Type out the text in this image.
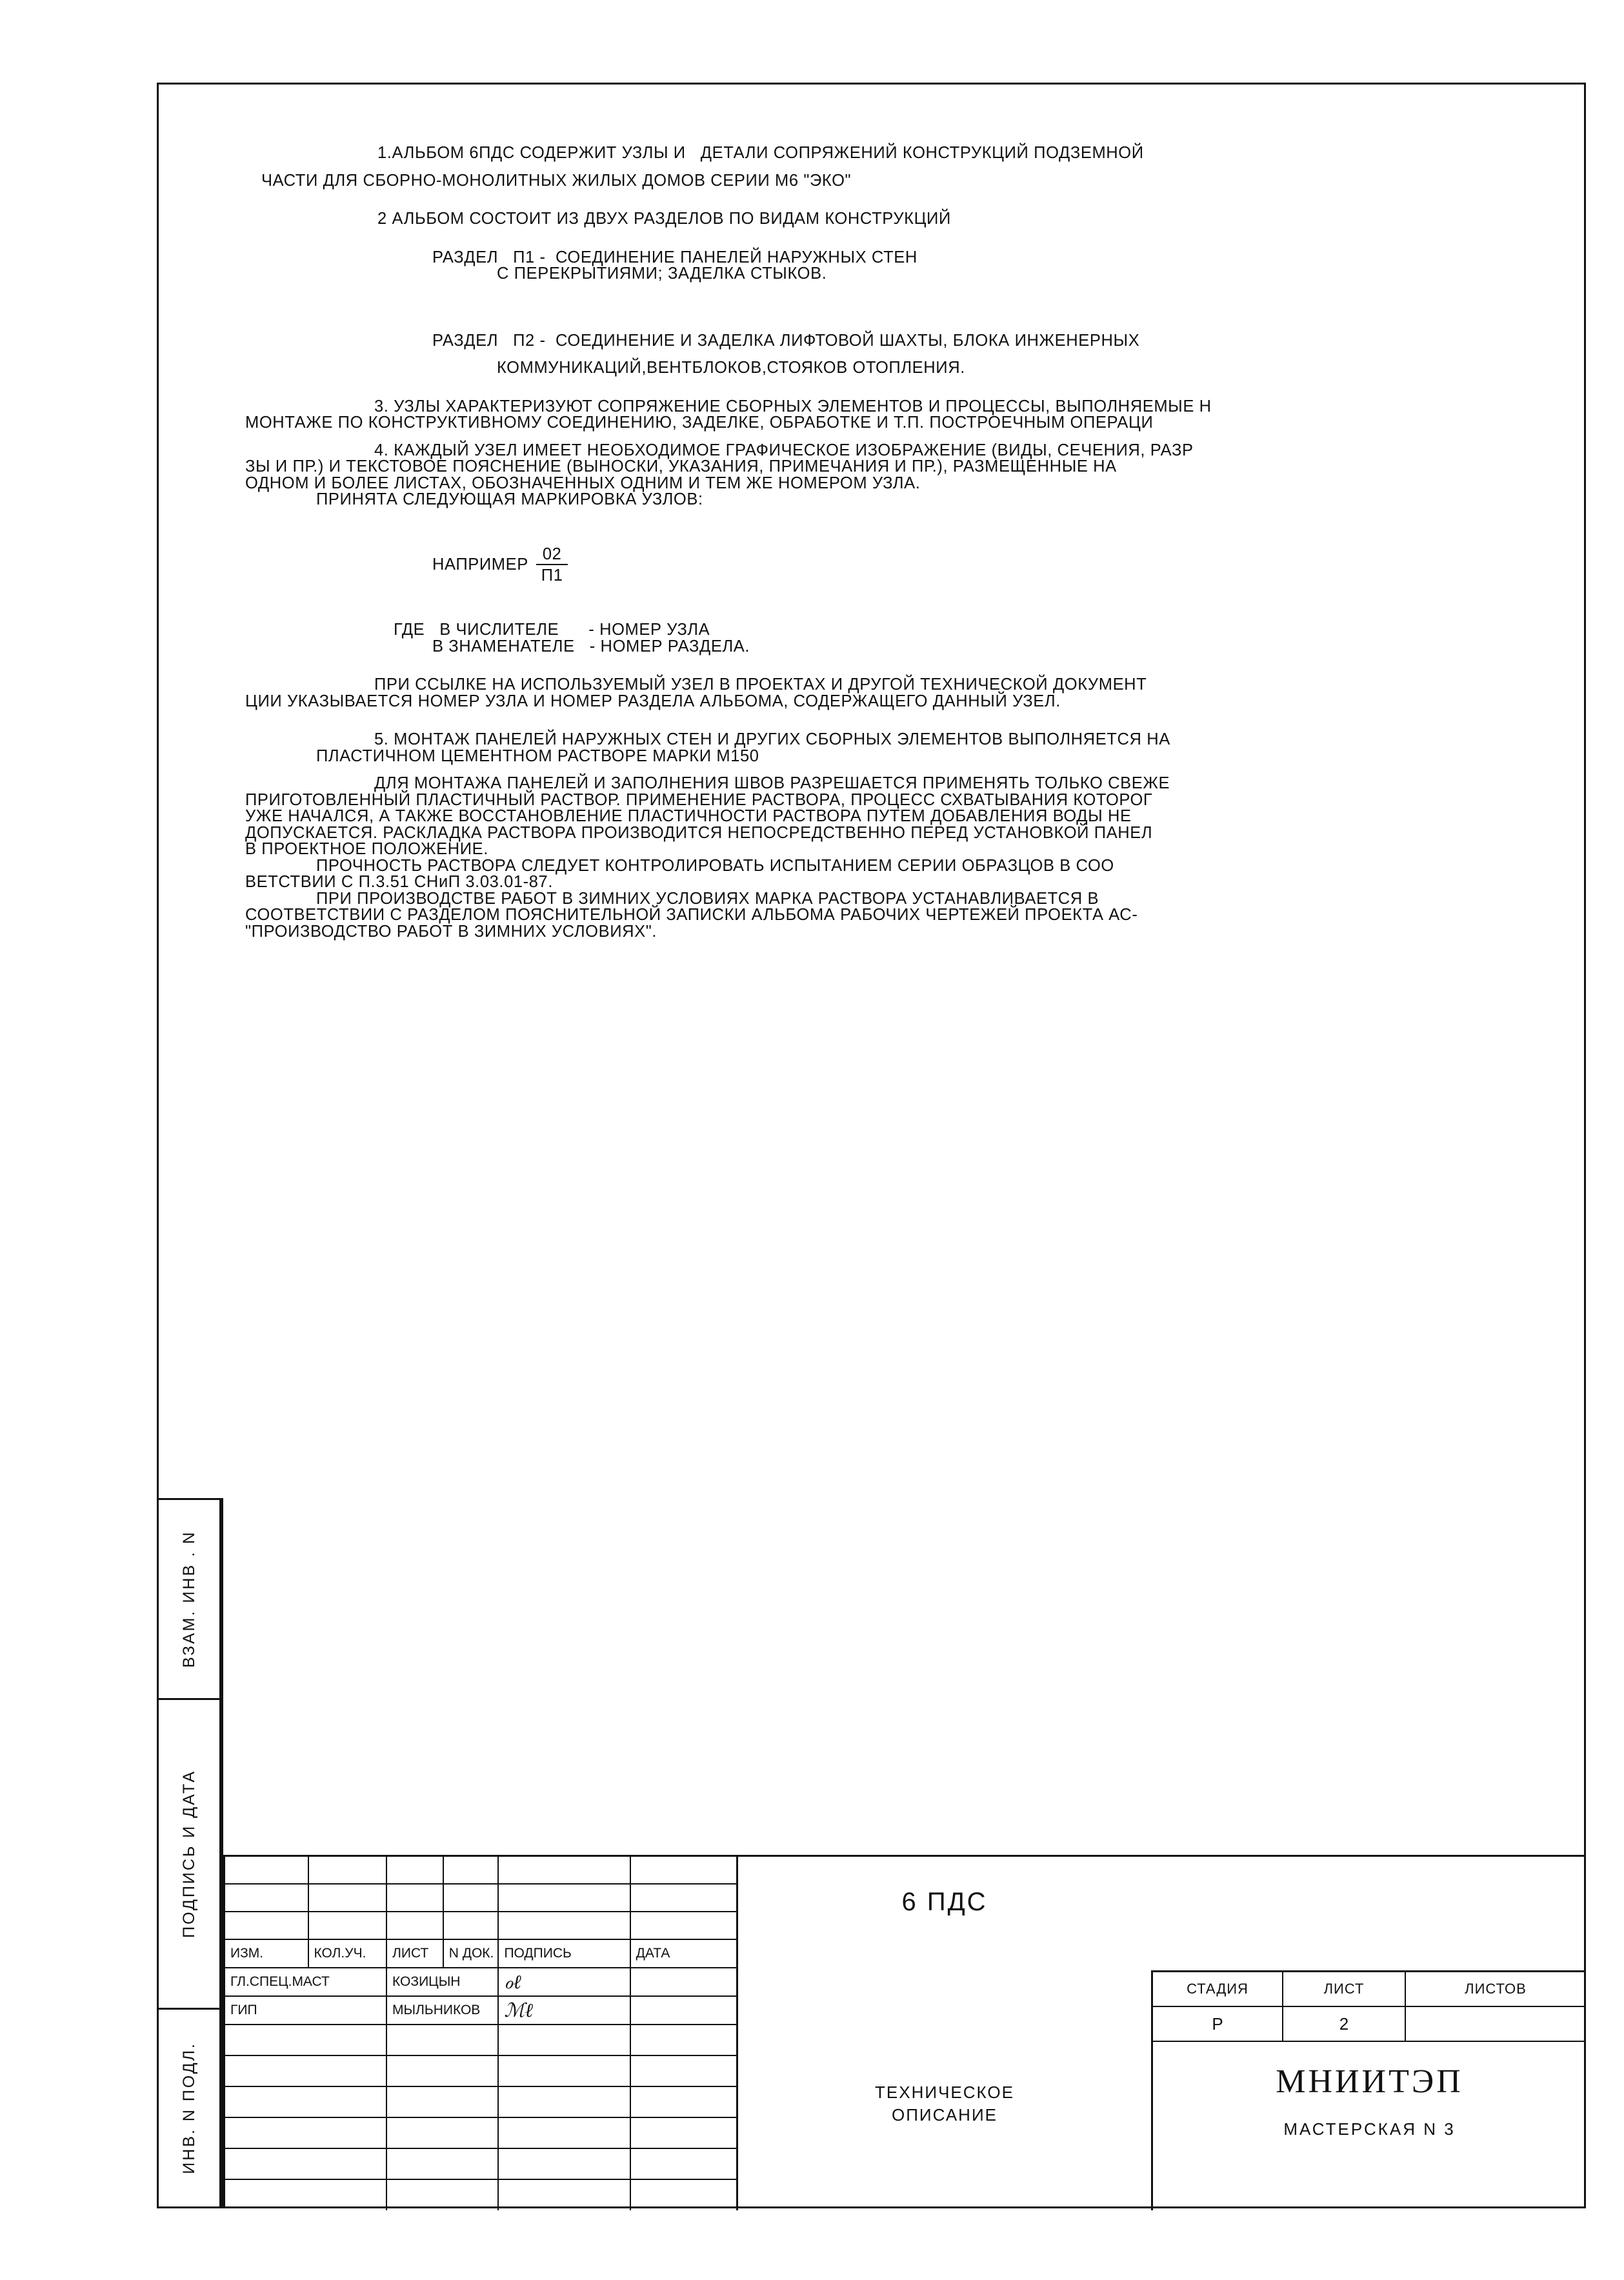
ВЗАМ. ИНВ . N
ПОДПИСЬ И ДАТА
ИНВ. N ПОДЛ.

1.АЛЬБОМ 6ПДС СОДЕРЖИТ УЗЛЫ И   ДЕТАЛИ СОПРЯЖЕНИЙ КОНСТРУКЦИЙ ПОДЗЕМНОЙ

ЧАСТИ ДЛЯ СБОРНО-МОНОЛИТНЫХ ЖИЛЫХ ДОМОВ СЕРИИ М6 "ЭКО"

2 АЛЬБОМ СОСТОИТ ИЗ ДВУХ РАЗДЕЛОВ ПО ВИДАМ КОНСТРУКЦИЙ

РАЗДЕЛ   П1 -  СОЕДИНЕНИЕ ПАНЕЛЕЙ НАРУЖНЫХ СТЕН

С ПЕРЕКРЫТИЯМИ; ЗАДЕЛКА СТЫКОВ.

РАЗДЕЛ   П2 -  СОЕДИНЕНИЕ И ЗАДЕЛКА ЛИФТОВОЙ ШАХТЫ, БЛОКА ИНЖЕНЕРНЫХ

КОММУНИКАЦИЙ,ВЕНТБЛОКОВ,СТОЯКОВ ОТОПЛЕНИЯ.

3. УЗЛЫ ХАРАКТЕРИЗУЮТ СОПРЯЖЕНИЕ СБОРНЫХ ЭЛЕМЕНТОВ И ПРОЦЕССЫ, ВЫПОЛНЯЕМЫЕ Н

МОНТАЖЕ ПО КОНСТРУКТИВНОМУ СОЕДИНЕНИЮ, ЗАДЕЛКЕ, ОБРАБОТКЕ И Т.П. ПОСТРОЕЧНЫМ ОПЕРАЦИ

4. КАЖДЫЙ УЗЕЛ ИМЕЕТ НЕОБХОДИМОЕ ГРАФИЧЕСКОЕ ИЗОБРАЖЕНИЕ (ВИДЫ, СЕЧЕНИЯ, РАЗР

ЗЫ И ПР.) И ТЕКСТОВОЕ ПОЯСНЕНИЕ (ВЫНОСКИ, УКАЗАНИЯ, ПРИМЕЧАНИЯ И ПР.), РАЗМЕЩЕННЫЕ НА

ОДНОМ И БОЛЕЕ ЛИСТАХ, ОБОЗНАЧЕННЫХ ОДНИМ И ТЕМ ЖЕ НОМЕРОМ УЗЛА.

ПРИНЯТА СЛЕДУЮЩАЯ МАРКИРОВКА УЗЛОВ:

НАПРИМЕР $\frac{02}{П1}$

ГДЕ   В ЧИСЛИТЕЛЕ      - НОМЕР УЗЛА

В ЗНАМЕНАТЕЛЕ   - НОМЕР РАЗДЕЛА.

ПРИ ССЫЛКЕ НА ИСПОЛЬЗУЕМЫЙ УЗЕЛ В ПРОЕКТАХ И ДРУГОЙ ТЕХНИЧЕСКОЙ ДОКУМЕНТ

ЦИИ УКАЗЫВАЕТСЯ НОМЕР УЗЛА И НОМЕР РАЗДЕЛА АЛЬБОМА, СОДЕРЖАЩЕГО ДАННЫЙ УЗЕЛ.

5. МОНТАЖ ПАНЕЛЕЙ НАРУЖНЫХ СТЕН И ДРУГИХ СБОРНЫХ ЭЛЕМЕНТОВ ВЫПОЛНЯЕТСЯ НА

ПЛАСТИЧНОМ ЦЕМЕНТНОМ РАСТВОРЕ МАРКИ М150

ДЛЯ МОНТАЖА ПАНЕЛЕЙ И ЗАПОЛНЕНИЯ ШВОВ РАЗРЕШАЕТСЯ ПРИМЕНЯТЬ ТОЛЬКО СВЕЖЕ

ПРИГОТОВЛЕННЫЙ ПЛАСТИЧНЫЙ РАСТВОР. ПРИМЕНЕНИЕ РАСТВОРА, ПРОЦЕСС СХВАТЫВАНИЯ КОТОРОГ

УЖЕ НАЧАЛСЯ, А ТАКЖЕ ВОССТАНОВЛЕНИЕ ПЛАСТИЧНОСТИ РАСТВОРА ПУТЕМ ДОБАВЛЕНИЯ ВОДЫ НЕ

ДОПУСКАЕТСЯ. РАСКЛАДКА РАСТВОРА ПРОИЗВОДИТСЯ НЕПОСРЕДСТВЕННО ПЕРЕД УСТАНОВКОЙ ПАНЕЛ

В ПРОЕКТНОЕ ПОЛОЖЕНИЕ.

ПРОЧНОСТЬ РАСТВОРА СЛЕДУЕТ КОНТРОЛИРОВАТЬ ИСПЫТАНИЕМ СЕРИИ ОБРАЗЦОВ В СОО

ВЕТСТВИИ С П.3.51 СНиП 3.03.01-87.

ПРИ ПРОИЗВОДСТВЕ РАБОТ В ЗИМНИХ УСЛОВИЯХ МАРКА РАСТВОРА УСТАНАВЛИВАЕТСЯ В

СООТВЕТСТВИИ С РАЗДЕЛОМ ПОЯСНИТЕЛЬНОЙ ЗАПИСКИ АЛЬБОМА РАБОЧИХ ЧЕРТЕЖЕЙ ПРОЕКТА АС-

"ПРОИЗВОДСТВО РАБОТ В ЗИМНИХ УСЛОВИЯХ".

ИЗМ.	КОЛ.УЧ.	ЛИСТ	N ДОК. ПОДПИСЬ	ДАТА
ГЛ.СПЕЦ.МАСТ	КОЗИЦЫН	ℴℓ
ГИП	МЫЛЬНИКОВ	ℳℓ
6 ПДС
ТЕХНИЧЕСКОЕ
ОПИСАНИЕ
СТАДИЯ	ЛИСТ	ЛИСТОВ
Р	2
МНИИТЭП
МАСТЕРСКАЯ N 3
